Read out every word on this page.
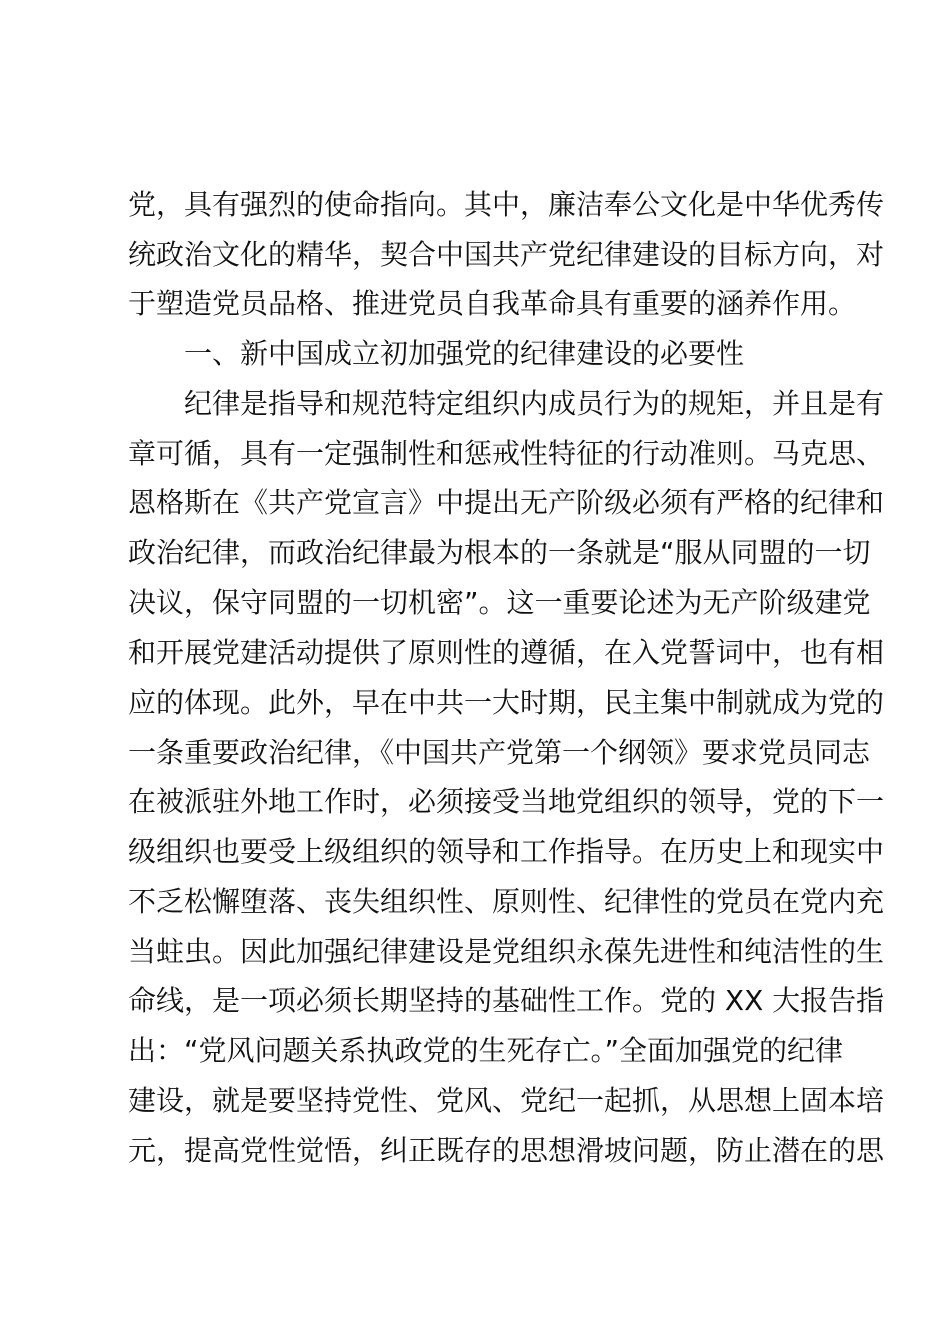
党，具有强烈的使命指向。其中，廉洁奉公文化是中华优秀传
统政治文化的精华，契合中国共产党纪律建设的目标方向，对
于塑造党员品格、推进党员自我革命具有重要的涵养作用。
一、新中国成立初加强党的纪律建设的必要性
纪律是指导和规范特定组织内成员行为的规矩，并且是有
章可循，具有一定强制性和惩戒性特征的行动准则。马克思、
恩格斯在《共产党宣言》中提出无产阶级必须有严格的纪律和
政治纪律，而政治纪律最为根本的一条就是“服从同盟的一切
决议，保守同盟的一切机密”。这一重要论述为无产阶级建党
和开展党建活动提供了原则性的遵循，在入党誓词中，也有相
应的体现。此外，早在中共一大时期，民主集中制就成为党的
一条重要政治纪律，《中国共产党第一个纲领》要求党员同志
在被派驻外地工作时，必须接受当地党组织的领导，党的下一
级组织也要受上级组织的领导和工作指导。在历史上和现实中
不乏松懈堕落、丧失组织性、原则性、纪律性的党员在党内充
当蛀虫。因此加强纪律建设是党组织永葆先进性和纯洁性的生
命线，是一项必须长期坚持的基础性工作。党的 XX 大报告指
出：“党风问题关系执政党的生死存亡。”全面加强党的纪律
建设，就是要坚持党性、党风、党纪一起抓，从思想上固本培
元，提高党性觉悟，纠正既存的思想滑坡问题，防止潜在的思
